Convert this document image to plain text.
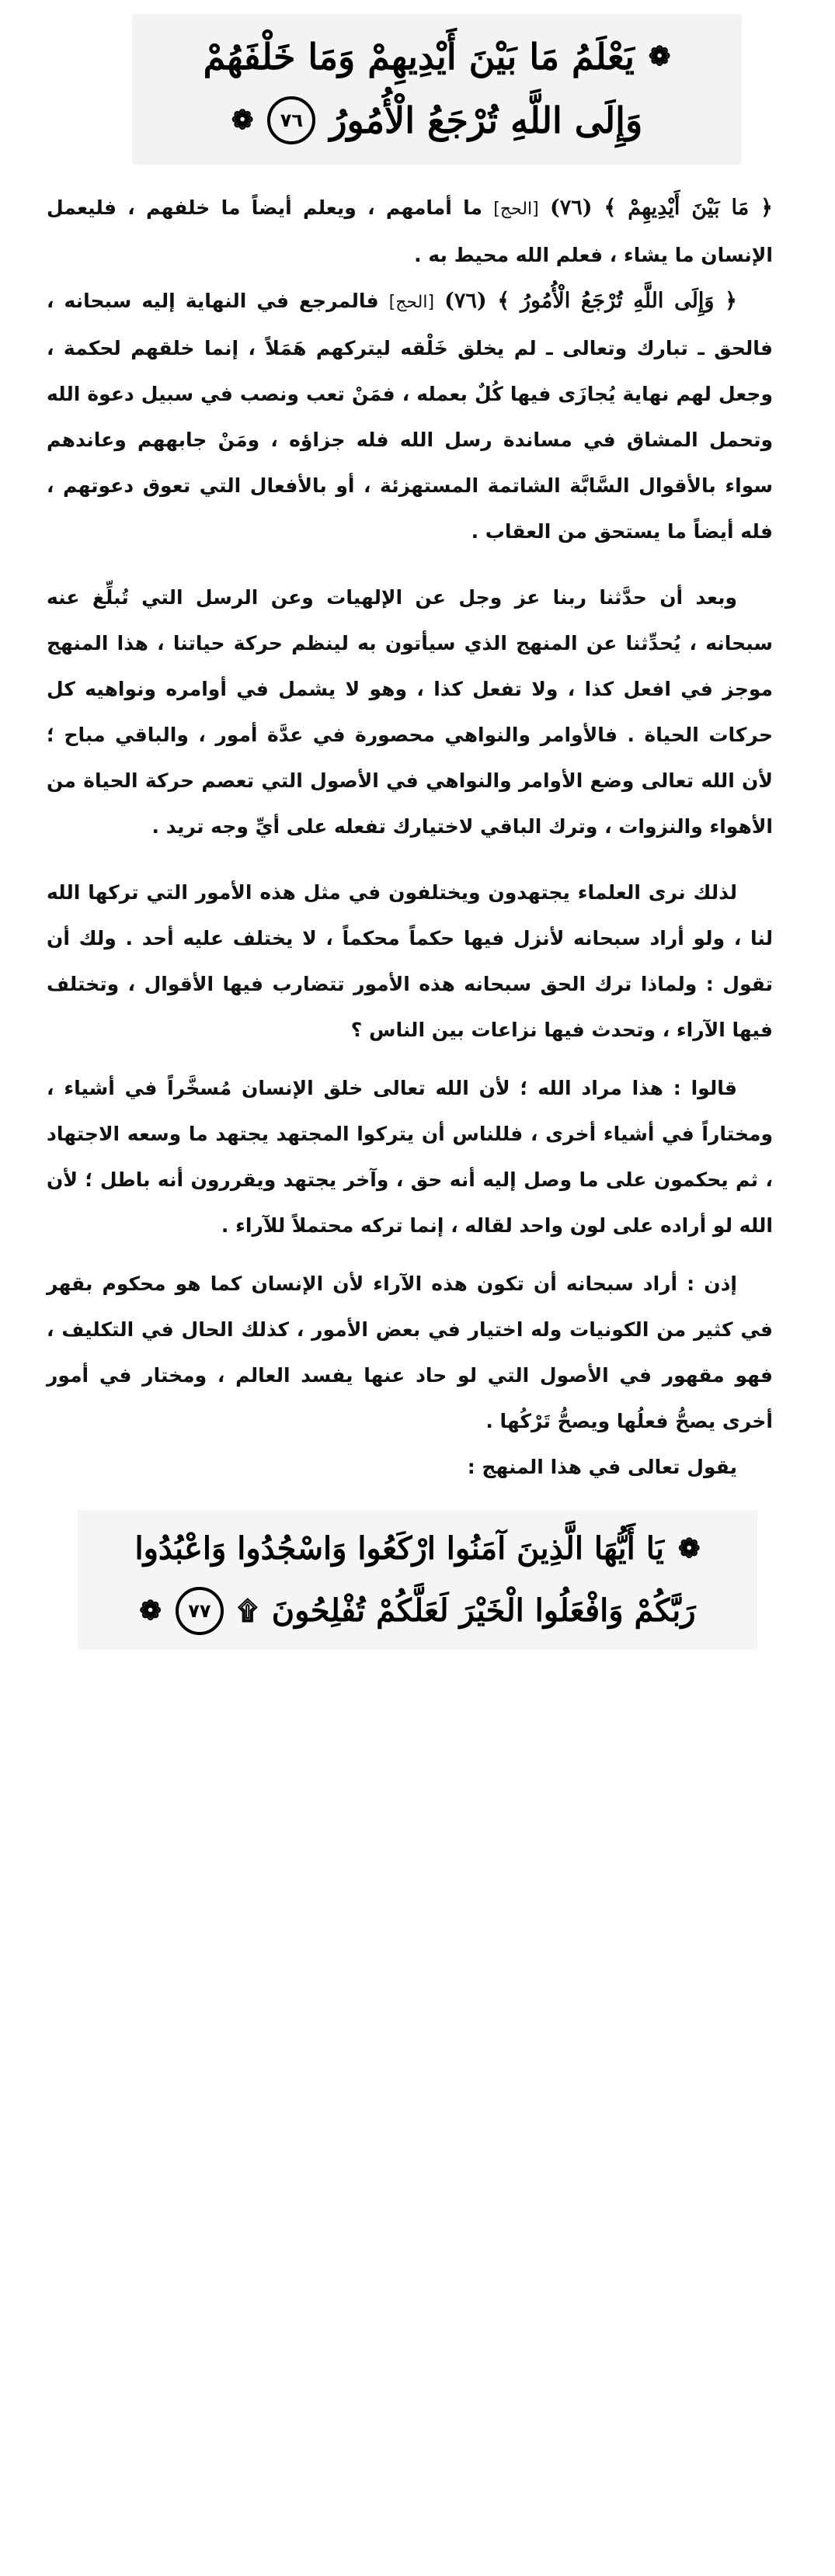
❁
يَعْلَمُ مَا بَيْنَ أَيْدِيهِمْ وَمَا خَلْفَهُمْ
وَإِلَى اللَّهِ تُرْجَعُ الْأُمُورُ
٧٦
❁

﴿ مَا بَيْنَ أَيْدِيهِمْ ﴾ (٧٦) [الحج] ما أمامهم ، ويعلم أيضاً ما خلفهم ، فليعمل الإنسان ما يشاء ، فعلم الله محيط به .

﴿ وَإِلَى اللَّهِ تُرْجَعُ الْأُمُورُ ﴾ (٧٦) [الحج] فالمرجع في النهاية إليه سبحانه ، فالحق ـ تبارك وتعالى ـ لم يخلق خَلْقه ليتركهم هَمَلاً ، إنما خلقهم لحكمة ، وجعل لهم نهاية يُجازَى فيها كُلٌ بعمله ، فمَنْ تعب ونصب في سبيل دعوة الله وتحمل المشاق في مساندة رسل الله فله جزاؤه ، ومَنْ جابههم وعاندهم سواء بالأقوال السَّابَّة الشاتمة المستهزئة ، أو بالأفعال التي تعوق دعوتهم ، فله أيضاً ما يستحق من العقاب .

وبعد أن حدَّثنا ربنا عز وجل عن الإلهيات وعن الرسل التي تُبلِّغ عنه سبحانه ، يُحدِّثنا عن المنهج الذي سيأتون به لينظم حركة حياتنا ، هذا المنهج موجز في افعل كذا ، ولا تفعل كذا ، وهو لا يشمل في أوامره ونواهيه كل حركات الحياة . فالأوامر والنواهي محصورة في عدَّة أمور ، والباقي مباح ؛ لأن الله تعالى وضع الأوامر والنواهي في الأصول التي تعصم حركة الحياة من الأهواء والنزوات ، وترك الباقي لاختيارك تفعله على أيِّ وجه تريد .

لذلك نرى العلماء يجتهدون ويختلفون في مثل هذه الأمور التي تركها الله لنا ، ولو أراد سبحانه لأنزل فيها حكماً محكماً ، لا يختلف عليه أحد . ولك أن تقول : ولماذا ترك الحق سبحانه هذه الأمور تتضارب فيها الأقوال ، وتختلف فيها الآراء ، وتحدث فيها نزاعات بين الناس ؟

قالوا : هذا مراد الله ؛ لأن الله تعالى خلق الإنسان مُسخَّراً في أشياء ، ومختاراً في أشياء أخرى ، فللناس أن يتركوا المجتهد يجتهد ما وسعه الاجتهاد ، ثم يحكمون على ما وصل إليه أنه حق ، وآخر يجتهد ويقررون أنه باطل ؛ لأن الله لو أراده على لون واحد لقاله ، إنما تركه محتملاً للآراء .

إذن : أراد سبحانه أن تكون هذه الآراء لأن الإنسان كما هو محكوم بقهر في كثير من الكونيات وله اختيار في بعض الأمور ، كذلك الحال في التكليف ، فهو مقهور في الأصول التي لو حاد عنها يفسد العالم ، ومختار في أمور أخرى يصحُّ فعلُها ويصحُّ تَرْكُها .

يقول تعالى في هذا المنهج :

❁
يَا أَيُّهَا الَّذِينَ آمَنُوا ارْكَعُوا وَاسْجُدُوا وَاعْبُدُوا
رَبَّكُمْ وَافْعَلُوا الْخَيْرَ لَعَلَّكُمْ تُفْلِحُونَ
۩
٧٧
❁
